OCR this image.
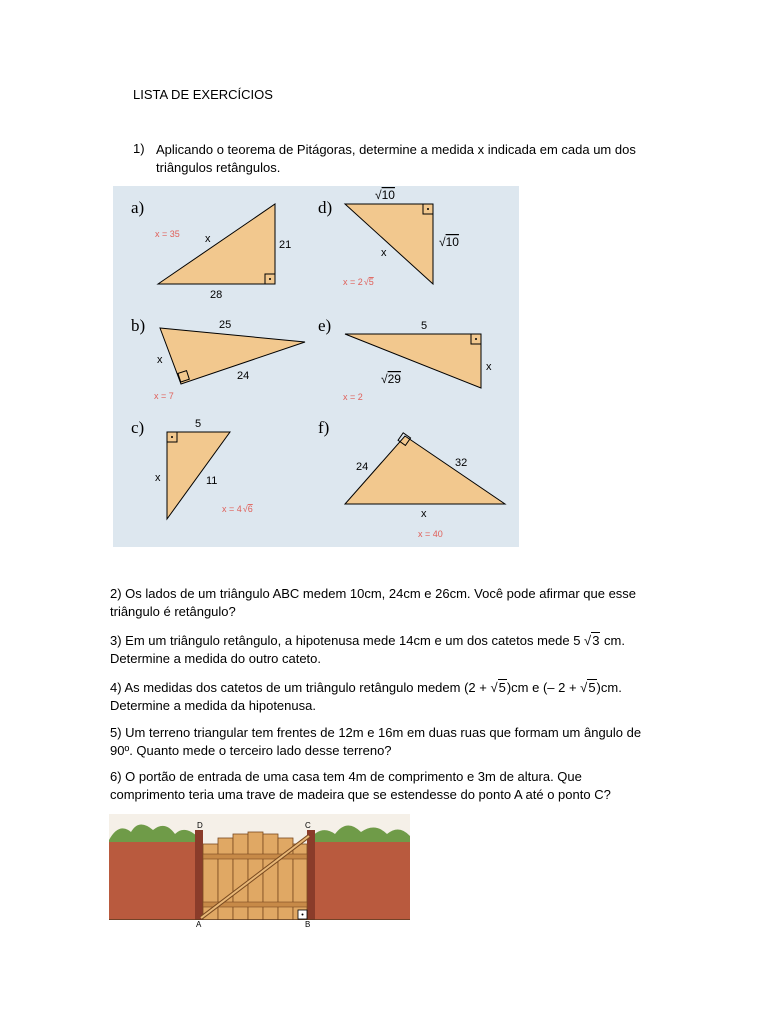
LISTA DE EXERCÍCIOS
1) Aplicando o teorema de Pitágoras, determine a medida x indicada em cada um dos triângulos retângulos.
a)
x	21
28
x = 35
b)	25
x
24
x = 7
c)	5
x	11
x = 4√6
d)
√10
√10
x
x = 2√5
e)	5
x
√29
x = 2
f)
24	32
x
x = 40
2) Os lados de um triângulo ABC medem 10cm, 24cm e 26cm. Você pode afirmar que esse triângulo é retângulo?
3) Em um triângulo retângulo, a hipotenusa mede 14cm e um dos catetos mede 5 √3 cm. Determine a medida do outro cateto.
4) As medidas dos catetos de um triângulo retângulo medem (2 + √5)cm e (– 2 + √5)cm. Determine a medida da hipotenusa.
5) Um terreno triangular tem frentes de 12m e 16m em duas ruas que formam um ângulo de 90º. Quanto mede o terceiro lado desse terreno?
6) O portão de entrada de uma casa tem 4m de comprimento e 3m de altura. Que comprimento teria uma trave de madeira que se estendesse do ponto A até o ponto C?
D	C
A	B
